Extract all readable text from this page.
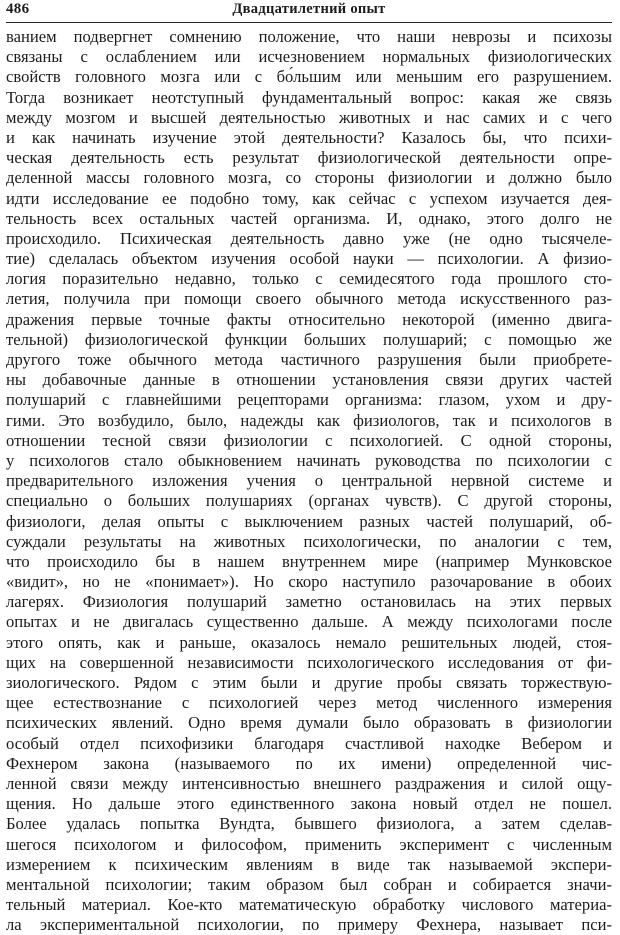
486	Двадцатилетний опыт
ванием подвергнет сомнению положение, что наши неврозы и психозы
связаны с ослаблением или исчезновением нормальных физиологических
свойств головного мозга или с бо́льшим или меньшим его разрушением.
Тогда возникает неотступный фундаментальный вопрос: какая же связь
между мозгом и высшей деятельностью животных и нас самих и с чего
и как начинать изучение этой деятельности? Казалось бы, что психи-
ческая деятельность есть результат физиологической деятельности опре-
деленной массы головного мозга, со стороны физиологии и должно было
идти исследование ее подобно тому, как сейчас с успехом изучается дея-
тельность всех остальных частей организма. И, однако, этого долго не
происходило. Психическая деятельность давно уже (не одно тысячеле-
тие) сделалась объектом изучения особой науки — психологии. А физио-
логия поразительно недавно, только с семидесятого года прошлого сто-
летия, получила при помощи своего обычного метода искусственного раз-
дражения первые точные факты относительно некоторой (именно двига-
тельной) физиологической функции больших полушарий; с помощью же
другого тоже обычного метода частичного разрушения были приобрете-
ны добавочные данные в отношении установления связи других частей
полушарий с главнейшими рецепторами организма: глазом, ухом и дру-
гими. Это возбудило, было, надежды как физиологов, так и психологов в
отношении тесной связи физиологии с психологией. С одной стороны,
у психологов стало обыкновением начинать руководства по психологии с
предварительного изложения учения о центральной нервной системе и
специально о больших полушариях (органах чувств). С другой стороны,
физиологи, делая опыты с выключением разных частей полушарий, об-
суждали результаты на животных психологически, по аналогии с тем,
что происходило бы в нашем внутреннем мире (например Мунковское
«видит», но не «понимает»). Но скоро наступило разочарование в обоих
лагерях. Физиология полушарий заметно остановилась на этих первых
опытах и не двигалась существенно дальше. А между психологами после
этого опять, как и раньше, оказалось немало решительных людей, стоя-
щих на совершенной независимости психологического исследования от фи-
зиологического. Рядом с этим были и другие пробы связать торжествую-
щее естествознание с психологией через метод численного измерения
психических явлений. Одно время думали было образовать в физиологии
особый отдел психофизики благодаря счастливой находке Вебером и
Фехнером закона (называемого по их имени) определенной чис-
ленной связи между интенсивностью внешнего раздражения и силой ощу-
щения. Но дальше этого единственного закона новый отдел не пошел.
Более удалась попытка Вундта, бывшего физиолога, а затем сделав-
шегося психологом и философом, применить эксперимент с численным
измерением к психическим явлениям в виде так называемой экспери-
ментальной психологии; таким образом был собран и собирается значи-
тельный материал. Кое-кто математическую обработку числового материа-
ла экспериментальной психологии, по примеру Фехнера, называет пси-
